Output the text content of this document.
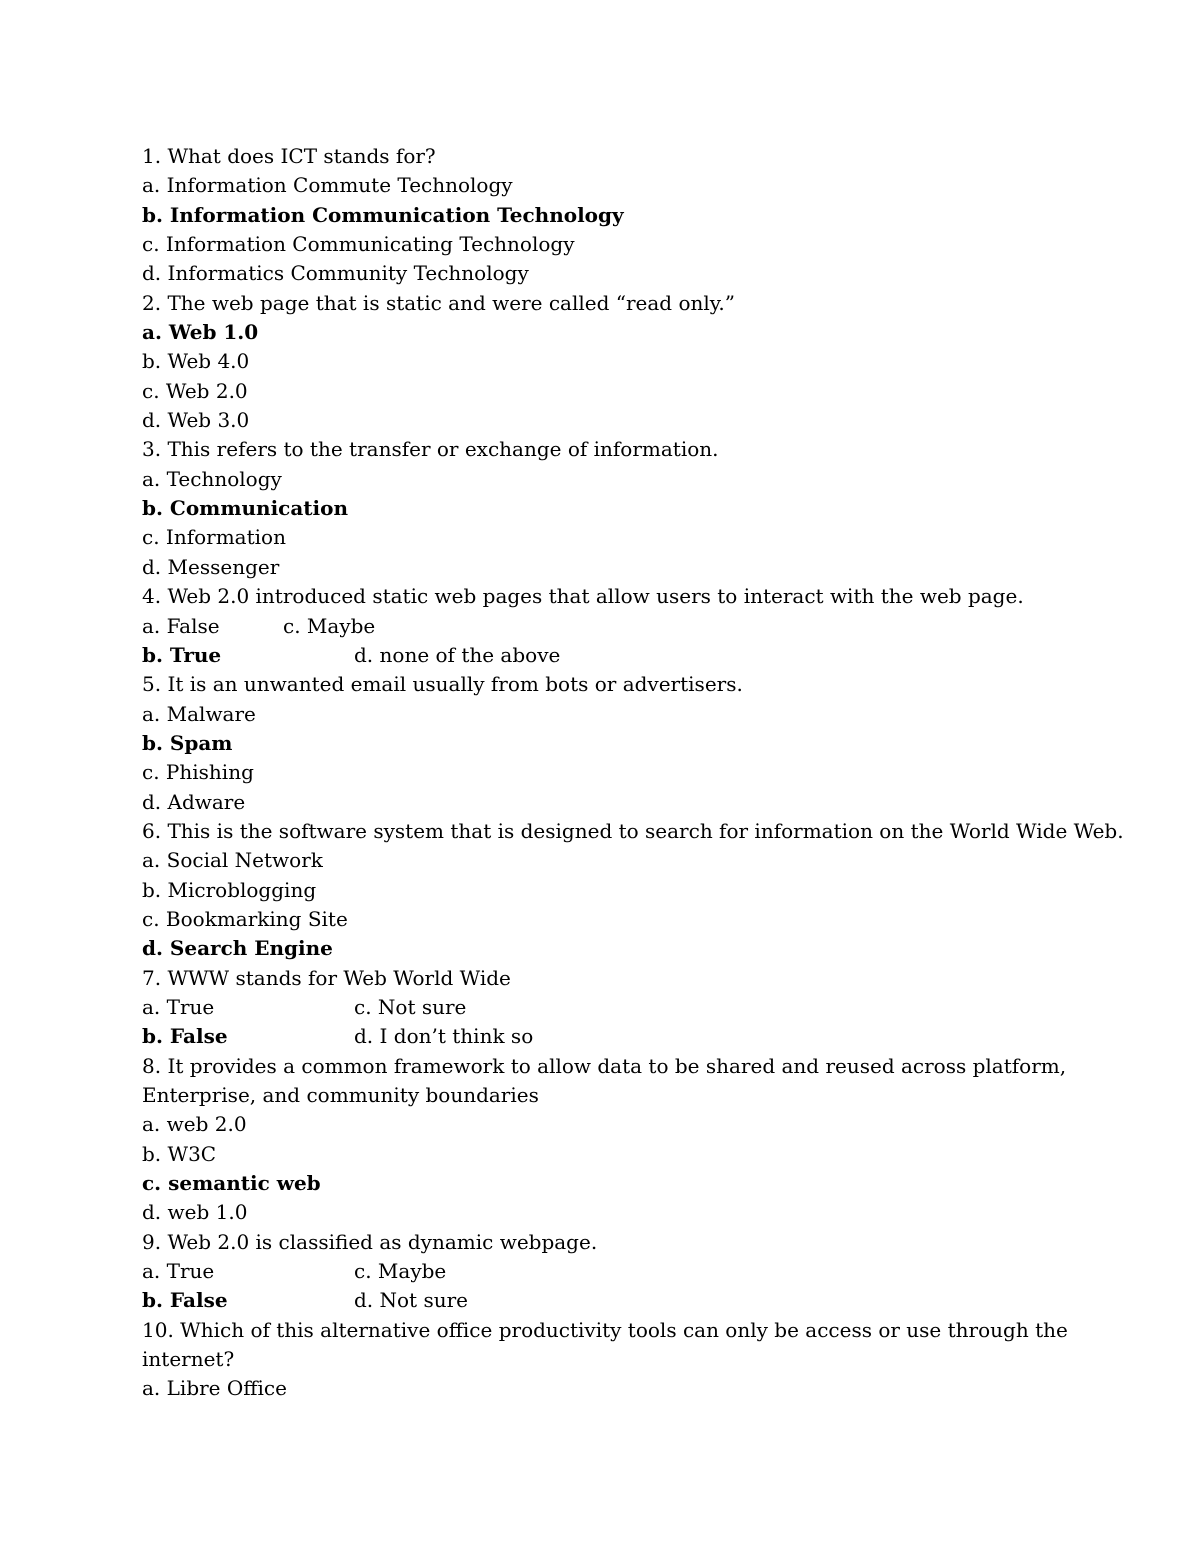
1. What does ICT stands for?
a. Information Commute Technology
b. Information Communication Technology
c. Information Communicating Technology
d. Informatics Community Technology
2. The web page that is static and were called “read only.”
a. Web 1.0
b. Web 4.0
c. Web 2.0
d. Web 3.0
3. This refers to the transfer or exchange of information.
a. Technology
b. Communication
c. Information
d. Messenger
4. Web 2.0 introduced static web pages that allow users to interact with the web page.
a. False	c. Maybe
b. True	d. none of the above
5. It is an unwanted email usually from bots or advertisers.
a. Malware
b. Spam
c. Phishing
d. Adware
6. This is the software system that is designed to search for information on the World Wide Web.
a. Social Network
b. Microblogging
c. Bookmarking Site
d. Search Engine
7. WWW stands for Web World Wide
a. True	c. Not sure
b. False	d. I don’t think so
8. It provides a common framework to allow data to be shared and reused across platform,
Enterprise, and community boundaries
a. web 2.0
b. W3C
c. semantic web
d. web 1.0
9. Web 2.0 is classified as dynamic webpage.
a. True	c. Maybe
b. False	d. Not sure
10. Which of this alternative office productivity tools can only be access or use through the
internet?
a. Libre Office
